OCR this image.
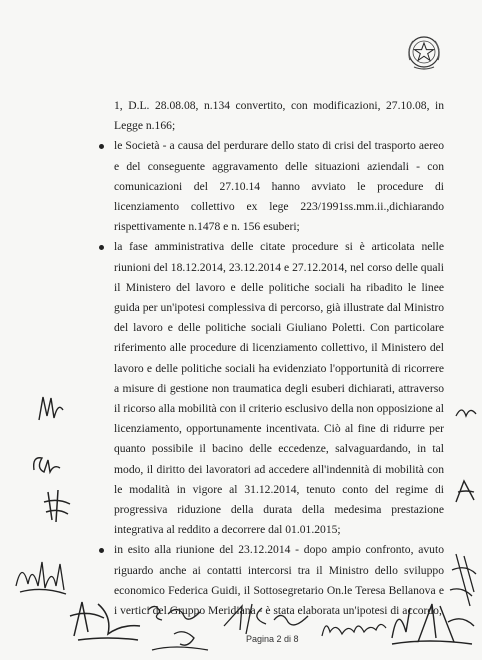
1, D.L. 28.08.08, n.134 convertito, con modificazioni, 27.10.08, in Legge n.166;

le Società - a causa del perdurare dello stato di crisi del trasporto aereo e del conseguente aggravamento delle situazioni aziendali - con comunicazioni del 27.10.14 hanno avviato le procedure di licenziamento collettivo ex lege 223/1991ss.mm.ii.,dichiarando rispettivamente n.1478 e n. 156 esuberi;
la fase amministrativa delle citate procedure si è articolata nelle riunioni del 18.12.2014, 23.12.2014 e 27.12.2014, nel corso delle quali il Ministero del lavoro e delle politiche sociali ha ribadito le linee guida per un'ipotesi complessiva di percorso, già illustrate dal Ministro del lavoro e delle politiche sociali Giuliano Poletti. Con particolare riferimento alle procedure di licenziamento collettivo, il Ministero del lavoro e delle politiche sociali ha evidenziato l'opportunità di ricorrere a misure di gestione non traumatica degli esuberi dichiarati, attraverso il ricorso alla mobilità con il criterio esclusivo della non opposizione al licenziamento, opportunamente incentivata. Ciò al fine di ridurre per quanto possibile il bacino delle eccedenze, salvaguardando, in tal modo, il diritto dei lavoratori ad accedere all'indennità di mobilità con le modalità in vigore al 31.12.2014, tenuto conto del regime di progressiva riduzione della durata della medesima prestazione integrativa al reddito a decorrere dal 01.01.2015;
in esito alla riunione del 23.12.2014 - dopo ampio confronto, avuto riguardo anche ai contatti intercorsi tra il Ministro dello sviluppo economico Federica Guidi, il Sottosegretario On.le Teresa Bellanova e i vertici del Gruppo Meridiana - è stata elaborata un'ipotesi di accordo,
Pagina 2 di 8
